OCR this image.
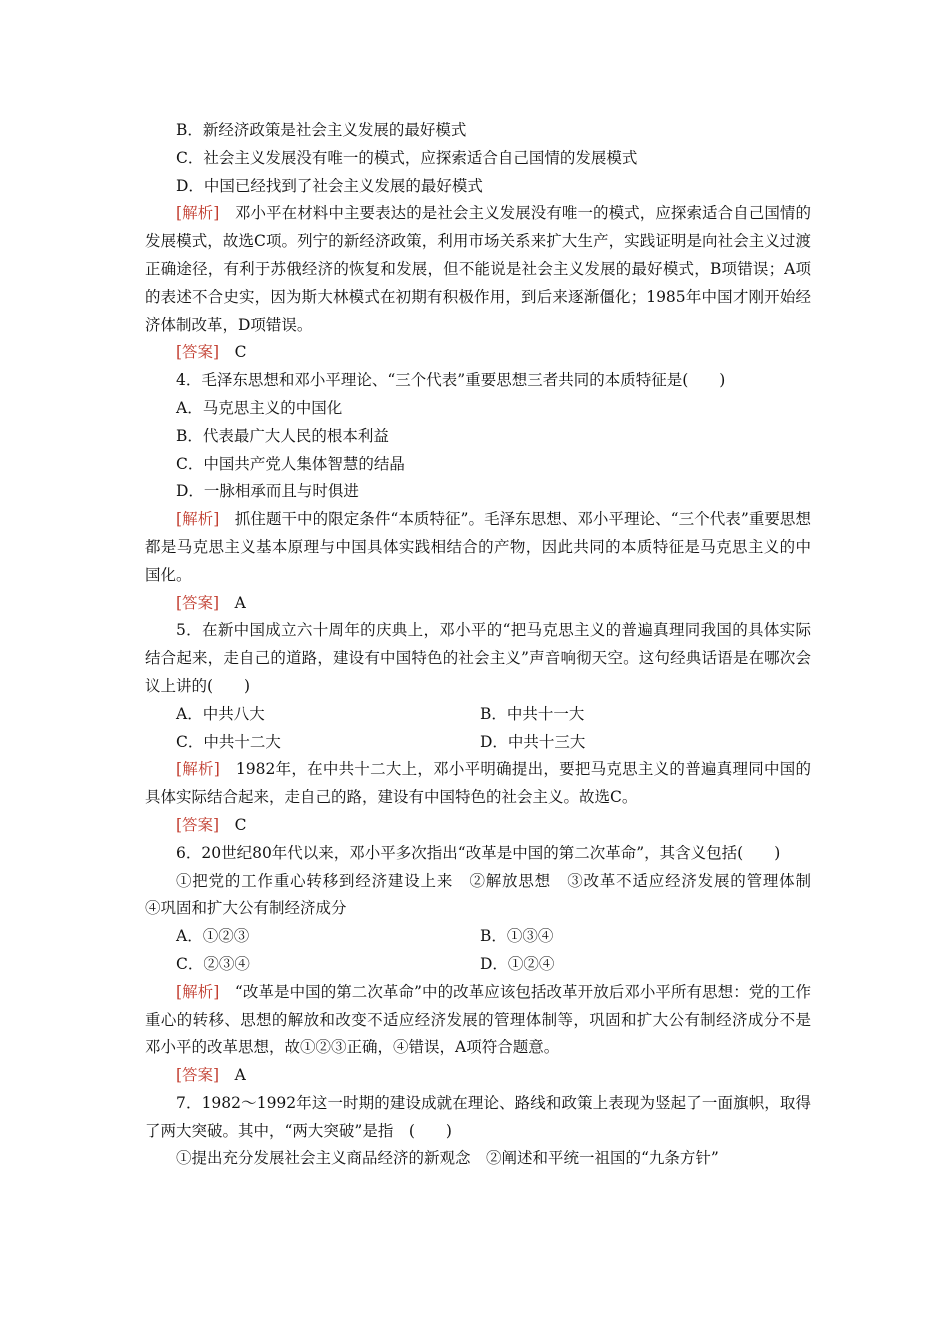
B．新经济政策是社会主义发展的最好模式
C．社会主义发展没有唯一的模式，应探索适合自己国情的发展模式
D．中国已经找到了社会主义发展的最好模式
[解析]　 邓小平在材料中主要表达的是社会主义发展没有唯一的模式，应探索适合自己国情的发展模式，故选C项。列宁的新经济政策，利用市场关系来扩大生产，实践证明是向社会主义过渡正确途径，有利于苏俄经济的恢复和发展，但不能说是社会主义发展的最好模式，B项错误；A项的表述不合史实，因为斯大林模式在初期有积极作用，到后来逐渐僵化；1985年中国才刚开始经济体制改革，D项错误。
[答案]　 C
4．毛泽东思想和邓小平理论、“三个代表”重要思想三者共同的本质特征是(　　)
A．马克思主义的中国化
B．代表最广大人民的根本利益
C．中国共产党人集体智慧的结晶
D．一脉相承而且与时俱进
[解析]　 抓住题干中的限定条件“本质特征”。毛泽东思想、邓小平理论、“三个代表”重要思想都是马克思主义基本原理与中国具体实践相结合的产物，因此共同的本质特征是马克思主义的中国化。
[答案]　 A
5．在新中国成立六十周年的庆典上，邓小平的“把马克思主义的普遍真理同我国的具体实际结合起来，走自己的道路，建设有中国特色的社会主义”声音响彻天空。这句经典话语是在哪次会议上讲的(　　)
A．中共八大	B．中共十一大
C．中共十二大	D．中共十三大
[解析]　 1982年，在中共十二大上，邓小平明确提出，要把马克思主义的普遍真理同中国的具体实际结合起来，走自己的路，建设有中国特色的社会主义。故选C。
[答案]　 C
6．20世纪80年代以来，邓小平多次指出“改革是中国的第二次革命”，其含义包括(　　)
①把党的工作重心转移到经济建设上来　②解放思想　③改革不适应经济发展的管理体制　④巩固和扩大公有制经济成分
A．①②③	B．①③④
C．②③④	D．①②④
[解析]　 “改革是中国的第二次革命”中的改革应该包括改革开放后邓小平所有思想：党的工作重心的转移、思想的解放和改变不适应经济发展的管理体制等，巩固和扩大公有制经济成分不是邓小平的改革思想，故①②③正确，④错误，A项符合题意。
[答案]　 A
7．1982～1992年这一时期的建设成就在理论、路线和政策上表现为竖起了一面旗帜，取得了两大突破。其中，“两大突破”是指　(　　)
①提出充分发展社会主义商品经济的新观念　②阐述和平统一祖国的“九条方针”
